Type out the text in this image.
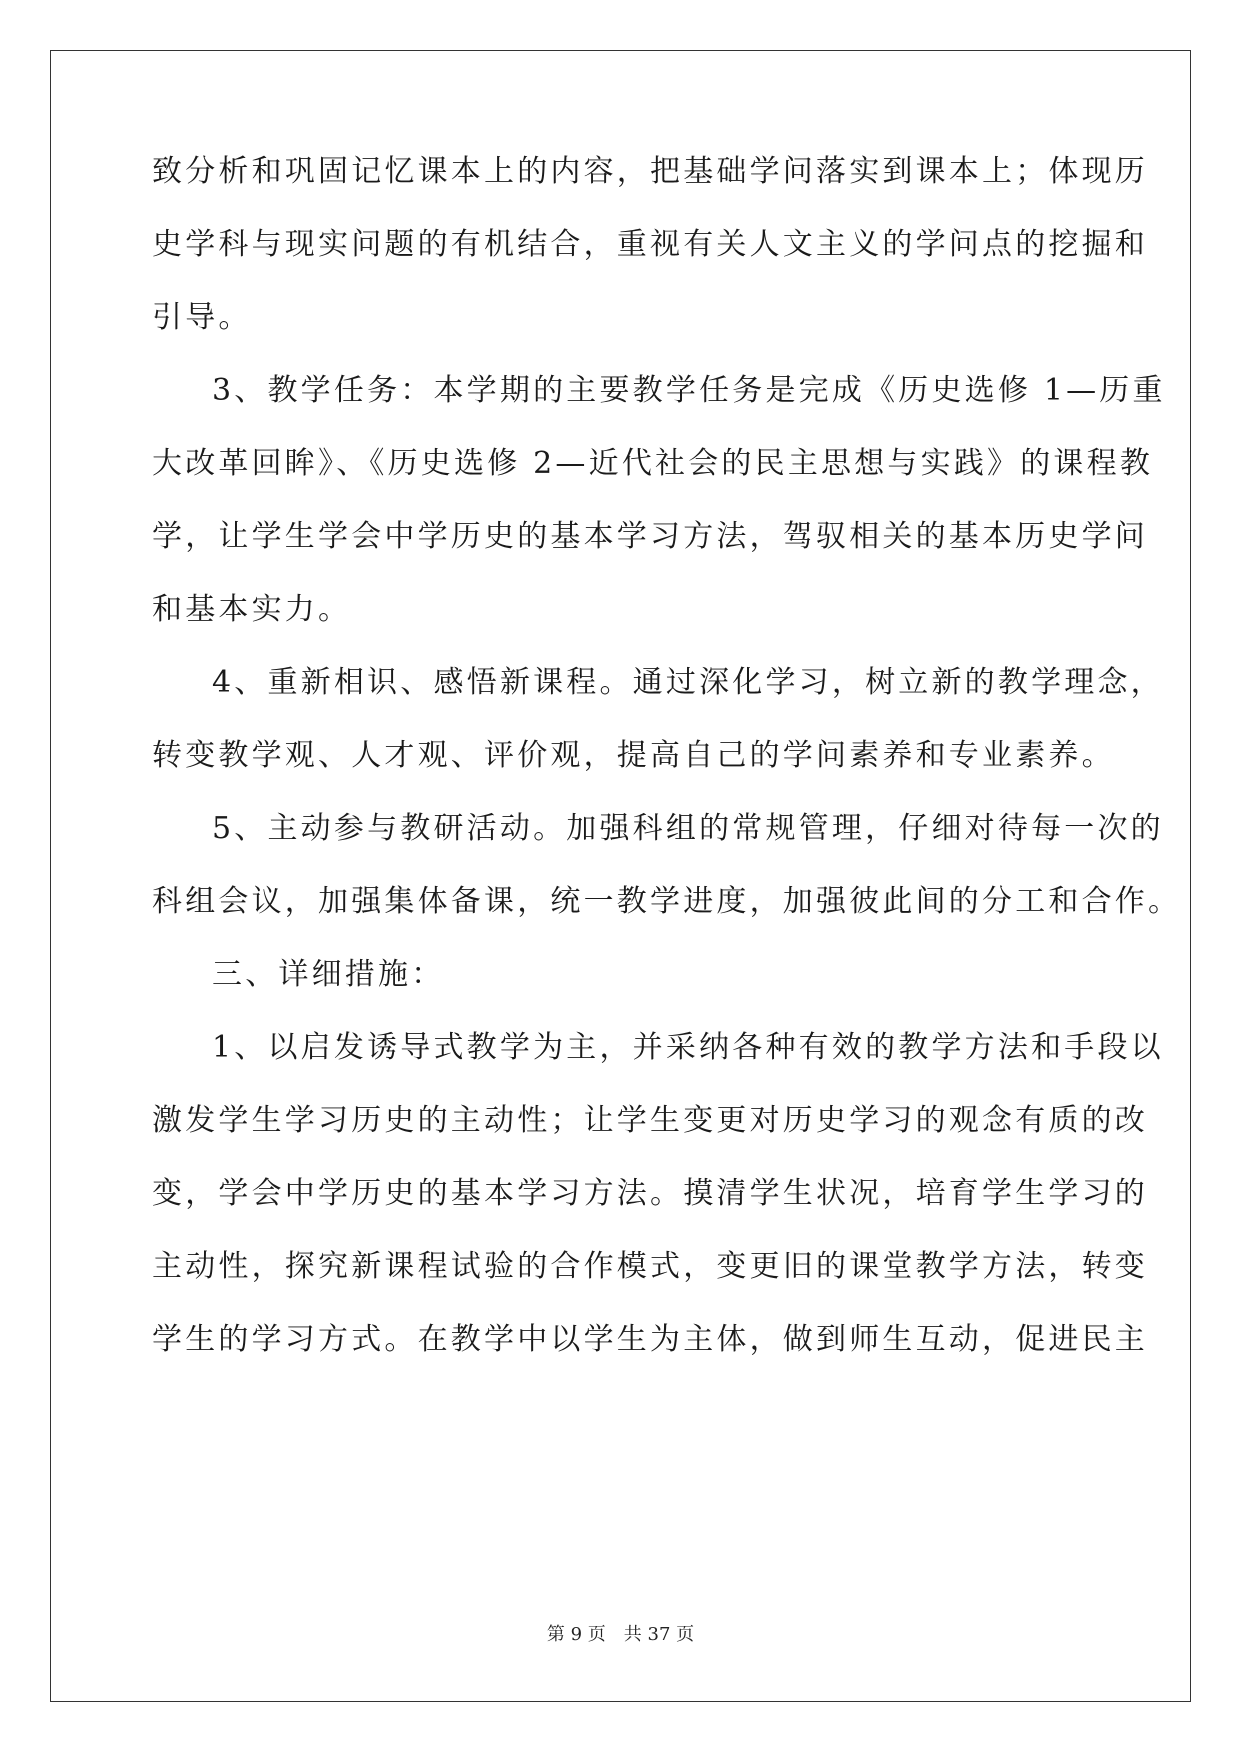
致分析和巩固记忆课本上的内容，把基础学问落实到课本上；体现历
史学科与现实问题的有机结合，重视有关人文主义的学问点的挖掘和
引导。
3、教学任务：本学期的主要教学任务是完成《历史选修 1—历重
大改革回眸》、《历史选修 2—近代社会的民主思想与实践》的课程教
学，让学生学会中学历史的基本学习方法，驾驭相关的基本历史学问
和基本实力。
4、重新相识、感悟新课程。通过深化学习，树立新的教学理念，
转变教学观、人才观、评价观，提高自己的学问素养和专业素养。
5、主动参与教研活动。加强科组的常规管理，仔细对待每一次的
科组会议，加强集体备课，统一教学进度，加强彼此间的分工和合作。
三、详细措施：
1、以启发诱导式教学为主，并采纳各种有效的教学方法和手段以
激发学生学习历史的主动性；让学生变更对历史学习的观念有质的改
变，学会中学历史的基本学习方法。摸清学生状况，培育学生学习的
主动性，探究新课程试验的合作模式，变更旧的课堂教学方法，转变
学生的学习方式。在教学中以学生为主体，做到师生互动，促进民主
第 9 页　共 37 页
